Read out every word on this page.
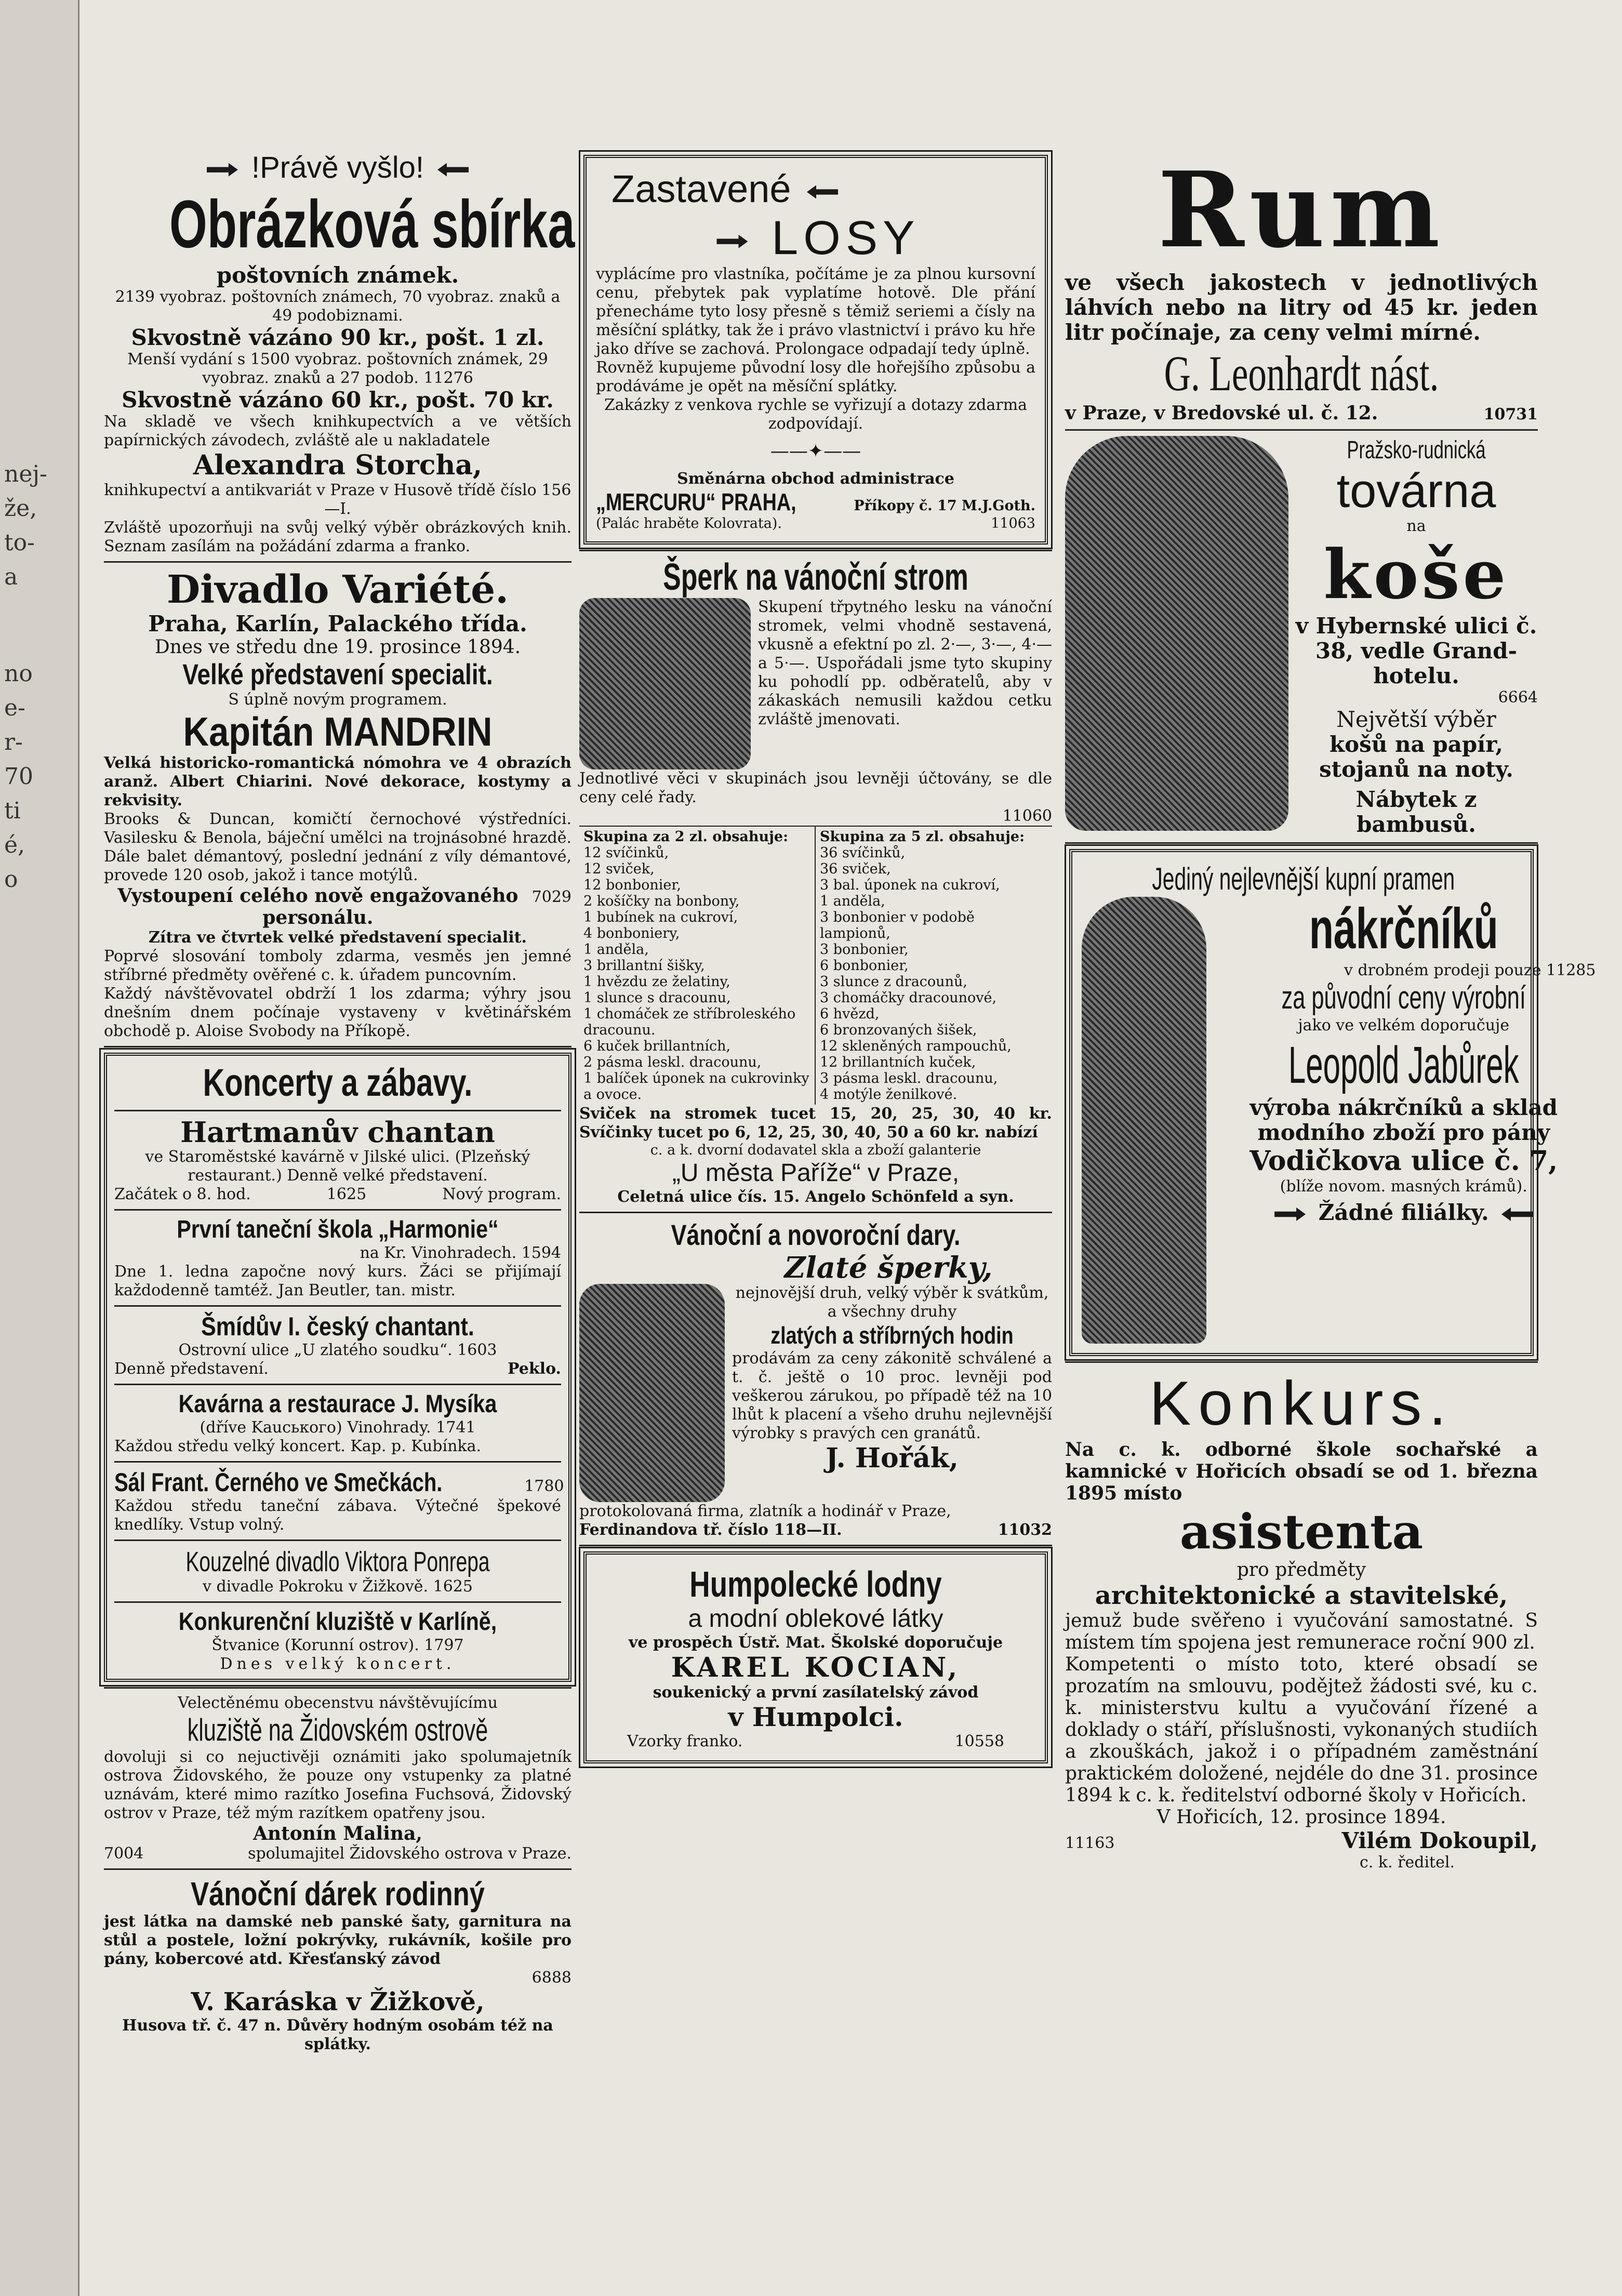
nej-
že,
to-
a
no
e-
r-
70
ti
é,
o
!Právě vyšlo!
Obrázková sbírka
poštovních známek.
2139 vyobraz. poštovních známech, 70 vyobraz. znaků a 49 podobiznami.
Skvostně vázáno 90 kr., pošt. 1 zl.
Menší vydání s 1500 vyobraz. poštovních známek, 29 vyobraz. znaků a 27 podob. 11276
Skvostně vázáno 60 kr., pošt. 70 kr.
Na skladě ve všech knihkupectvích a ve větších papírnických závodech, zvláště ale u nakladatele
Alexandra Storcha,
knihkupectví a antikvariát v Praze v Husově třídě číslo 156—I.
Zvláště upozorňuji na svůj velký výběr obrázkových knih. Seznam zasílám na požádání zdarma a franko.
Divadlo Variété.
Praha, Karlín, Palackého třída.
Dnes ve středu dne 19. prosince 1894.
Velké představení specialit.
S úplně novým programem.
Kapitán MANDRIN
Velká historicko-romantická nómohra ve 4 obrazích aranž. Albert Chiarini. Nové dekorace, kostymy a rekvisity.
Brooks & Duncan, komičtí černochové výstředníci. Vasilesku & Benola, báječní umělci na trojnásobné hrazdě. Dále balet démantový, poslední jednání z víly démantové, provede 120 osob, jakož i tance motýlů.
Vystoupení celého nově engažovaného personálu.
7029
Zítra ve čtvrtek velké představení specialit.
Poprvé slosování tomboly zdarma, vesměs jen jemné stříbrné předměty ověřené c. k. úřadem puncovním.
Každý návštěvovatel obdrží 1 los zdarma; výhry jsou dnešním dnem počínaje vystaveny v květinářském obchodě p. Aloise Svobody na Příkopě.
Koncerty a zábavy.
Hartmanův chantan
ve Staroměstské kavárně v Jilské ulici. (Plzeňský restaurant.) Denně velké představení.
Začátek o 8. hod.	1625	Nový program.
První taneční škola „Harmonie“
na Kr. Vinohradech. 1594
Dne 1. ledna započne nový kurs. Žáci se přijímají každodenně tamtéž. Jan Beutler, tan. mistr.
Šmídův I. český chantant.
Ostrovní ulice „U zlatého soudku“. 1603
Denně představení.	Peklo.
Kavárna a restaurace J. Mysíka
(dříve Kaucького) Vinohrady. 1741
Každou středu velký koncert. Kap. p. Kubínka.
Sál Frant. Černého ve Smečkách.	1780
Každou středu taneční zábava. Výtečné špekové knedlíky. Vstup volný.
Kouzelné divadlo Viktora Ponrepa
v divadle Pokroku v Žižkově. 1625
Konkurenční kluziště v Karlíně,
Štvanice (Korunní ostrov). 1797
Dnes velký koncert.
Velectěnému obecenstvu návštěvujícímu
kluziště na Židovském ostrově
dovoluji si co nejuctivěji oznámiti jako spolumajetník ostrova Židovského, že pouze ony vstupenky za platné uznávám, které mimo razítko Josefina Fuchsová, Židovský ostrov v Praze, též mým razítkem opatřeny jsou.
Antonín Malina,
7004	spolumajitel Židovského ostrova v Praze.
Vánoční dárek rodinný
jest látka na damské neb panské šaty, garnitura na stůl a postele, ložní pokrývky, rukávník, košile pro pány, kobercové atd. Křesťanský závod
6888
V. Karáska v Žižkově,
Husova tř. č. 47 n. Důvěry hodným osobám též na splátky.
Zastavené
LOSY
vyplácíme pro vlastníka, počítáme je za plnou kursovní cenu, přebytek pak vyplatíme hotově. Dle přání přenecháme tyto losy přesně s těmiž seriemi a čísly na měsíční splátky, tak že i právo vlastnictví i právo ku hře jako dříve se zachová. Prolongace odpadají tedy úplně.
Rovněž kupujeme původní losy dle hořejšího způsobu a prodáváme je opět na měsíční splátky.
Zakázky z venkova rychle se vyřizují a dotazy zdarma zodpovídají.
——✦——
Směnárna obchod administrace
„MERCURU“ PRAHA,	Příkopy č. 17 M.J.Goth.
(Palác hraběte Kolovrata).	11063
Šperk na vánoční strom
Skupení třpytného lesku na vánoční stromek, velmi vhodně sestavená, vkusně a efektní po zl. 2·—, 3·—, 4·— a 5·—. Uspořádali jsme tyto skupiny ku pohodlí pp. odběratelů, aby v zákaskách nemusili každou cetku zvláště jmenovati.
Jednotlivé věci v skupinách jsou levněji účtovány, se dle ceny celé řady.
11060
Skupina za 2 zl. obsahuje:
12 svíčinků,
12 sviček,
12 bonbonier,
2 košíčky na bonbony,
1 bubínek na cukroví,
4 bonboniery,
1 anděla,
3 brillantní šišky,
1 hvězdu ze želatiny,
1 slunce s dracounu,
1 chomáček ze stříbroleského dracounu.
6 kuček brillantních,
2 pásma leskl. dracounu,
1 balíček úponek na cukrovinky a ovoce.
Skupina za 5 zl. obsahuje:
36 svíčinků,
36 sviček,
3 bal. úponek na cukroví,
1 anděla,
3 bonbonier v podobě lampionů,
3 bonbonier,
6 bonbonier,
3 slunce z dracounů,
3 chomáčky dracounové,
6 hvězd,
6 bronzovaných šišek,
12 skleněných rampouchů,
12 brillantních kuček,
3 pásma leskl. dracounu,
4 motýle ženilkové.
Sviček na stromek tucet 15, 20, 25, 30, 40 kr. Svíčinky tucet po 6, 12, 25, 30, 40, 50 a 60 kr. nabízí
c. a k. dvorní dodavatel skla a zboží galanterie
„U města Paříže“ v Praze,
Celetná ulice čís. 15. Angelo Schönfeld a syn.
Vánoční a novoroční dary.
Zlaté šperky,
nejnovější druh, velký výběr k svátkům, a všechny druhy
zlatých a stříbrných hodin
prodávám za ceny zákonitě schválené a t. č. ještě o 10 proc. levněji pod veškerou zárukou, po případě též na 10 lhůt k placení a všeho druhu nejlevnější výrobky s pravých cen granátů.
J. Hořák,
protokolovaná firma, zlatník a hodinář v Praze,
Ferdinandova tř. číslo 118—II.	11032
Humpolecké lodny
a modní oblekové látky
ve prospěch Ústř. Mat. Školské doporučuje
KAREL KOCIAN,
soukenický a první zasílatelský závod
v Humpolci.
Vzorky franko.	10558
Rum
ve všech jakostech v jednotlivých láhvích nebo na litry od 45 kr. jeden litr počínaje, za ceny velmi mírné.
G. Leonhardt nást.
v Praze, v Bredovské ul. č. 12.	10731
Pražsko-rudnická
továrna
na
koše
v Hybernské ulici č. 38, vedle Grand-hotelu.
6664
Největší výběr
košů na papír, stojanů na noty.
Nábytek z bambusů.
Jediný nejlevnější kupní pramen
nákrčníků
v drobném prodeji pouze 11285
za původní ceny výrobní
jako ve velkém doporučuje
Leopold Jabůrek
výroba nákrčníků a sklad modního zboží pro pány
Vodičkova ulice č. 7,
(blíže novom. masných krámů).
Žádné filiálky.
Konkurs.
Na c. k. odborné škole sochařské a kamnické v Hořicích obsadí se od 1. března 1895 místo
asistenta
pro předměty
architektonické a stavitelské,
jemuž bude svěřeno i vyučování samostatné. S místem tím spojena jest remunerace roční 900 zl.
Kompetenti o místo toto, které obsadí se prozatím na smlouvu, podějtež žádosti své, ku c. k. ministerstvu kultu a vyučování řízené a doklady o stáří, příslušnosti, vykonaných studiích a zkouškách, jakož i o případném zaměstnání praktickém doložené, nejdéle do dne 31. prosince 1894 k c. k. ředitelství odborné školy v Hořicích.
V Hořicích, 12. prosince 1894.
11163	Vilém Dokoupil,
c. k. ředitel.
